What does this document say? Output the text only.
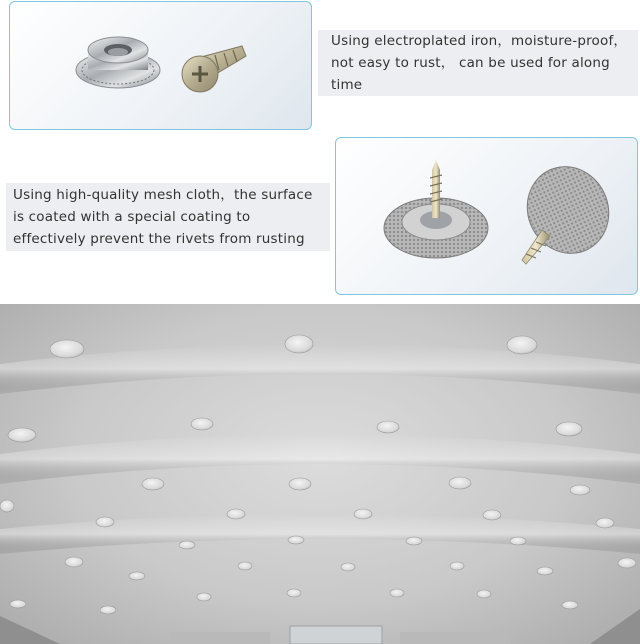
Using electroplated iron，moisture-proof，not easy to rust， can be used for along time
Using high-quality mesh cloth，the surface is coated with a special coating to effectively prevent the rivets from rusting
